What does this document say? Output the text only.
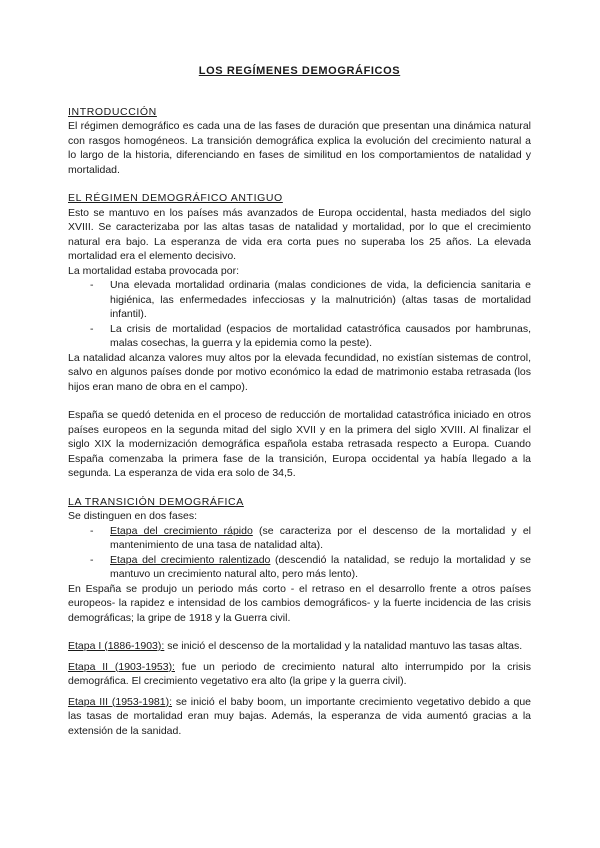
LOS REGÍMENES DEMOGRÁFICOS
INTRODUCCIÓN

El régimen demográfico es cada una de las fases de duración que presentan una dinámica natural con rasgos homogéneos. La transición demográfica explica la evolución del crecimiento natural a lo largo de la historia, diferenciando en fases de similitud en los comportamientos de natalidad y mortalidad.

EL RÉGIMEN DEMOGRÁFICO ANTIGUO

Esto se mantuvo en los países más avanzados de Europa occidental, hasta mediados del siglo XVIII. Se caracterizaba por las altas tasas de natalidad y mortalidad, por lo que el crecimiento natural era bajo. La esperanza de vida era corta pues no superaba los 25 años. La elevada mortalidad era el elemento decisivo.

La mortalidad estaba provocada por:

- Una elevada mortalidad ordinaria (malas condiciones de vida, la deficiencia sanitaria e higiénica, las enfermedades infecciosas y la malnutrición) (altas tasas de mortalidad infantil).
- La crisis de mortalidad (espacios de mortalidad catastrófica causados por hambrunas, malas cosechas, la guerra y la epidemia como la peste).

La natalidad alcanza valores muy altos por la elevada fecundidad, no existían sistemas de control, salvo en algunos países donde por motivo económico la edad de matrimonio estaba retrasada (los hijos eran mano de obra en el campo).

España se quedó detenida en el proceso de reducción de mortalidad catastrófica iniciado en otros países europeos en la segunda mitad del siglo XVII y en la primera del siglo XVIII. Al finalizar el siglo XIX la modernización demográfica española estaba retrasada respecto a Europa. Cuando España comenzaba la primera fase de la transición, Europa occidental ya había llegado a la segunda. La esperanza de vida era solo de 34,5.

LA TRANSICIÓN DEMOGRÁFICA

Se distinguen en dos fases:

- Etapa del crecimiento rápido (se caracteriza por el descenso de la mortalidad y el mantenimiento de una tasa de natalidad alta).
- Etapa del crecimiento ralentizado (descendió la natalidad, se redujo la mortalidad y se mantuvo un crecimiento natural alto, pero más lento).

En España se produjo un periodo más corto - el retraso en el desarrollo frente a otros países europeos- la rapidez e intensidad de los cambios demográficos- y la fuerte incidencia de las crisis demográficas; la gripe de 1918 y la Guerra civil.

Etapa I (1886-1903): se inició el descenso de la mortalidad y la natalidad mantuvo las tasas altas.

Etapa II (1903-1953): fue un periodo de crecimiento natural alto interrumpido por la crisis demográfica. El crecimiento vegetativo era alto (la gripe y la guerra civil).

Etapa III (1953-1981): se inició el baby boom, un importante crecimiento vegetativo debido a que las tasas de mortalidad eran muy bajas. Además, la esperanza de vida aumentó gracias a la extensión de la sanidad.
